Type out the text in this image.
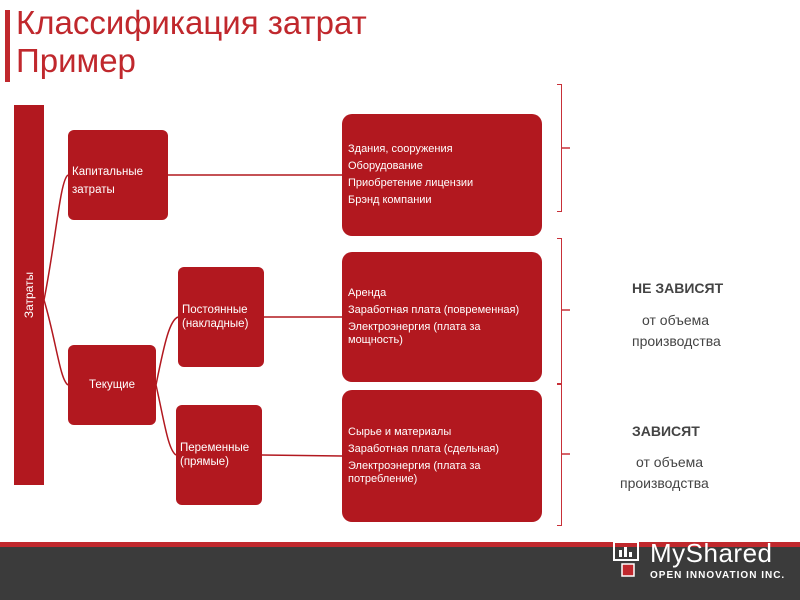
Классификация затрат
Пример
Затраты
Капитальные затраты
Текущие
Постоянные (накладные)
Переменные (прямые)
Здания, сооружения
Оборудование
Приобретение лицензии
Брэнд компании
Аренда
Заработная плата (повременная)
Электроэнергия (плата за мощность)
Сырье и материалы
Заработная плата (сдельная)
Электроэнергия (плата за потребление)
НЕ ЗАВИСЯТ
от объема производства
ЗАВИСЯТ
от объема производства
MyShared
OPEN INNOVATION INC.
